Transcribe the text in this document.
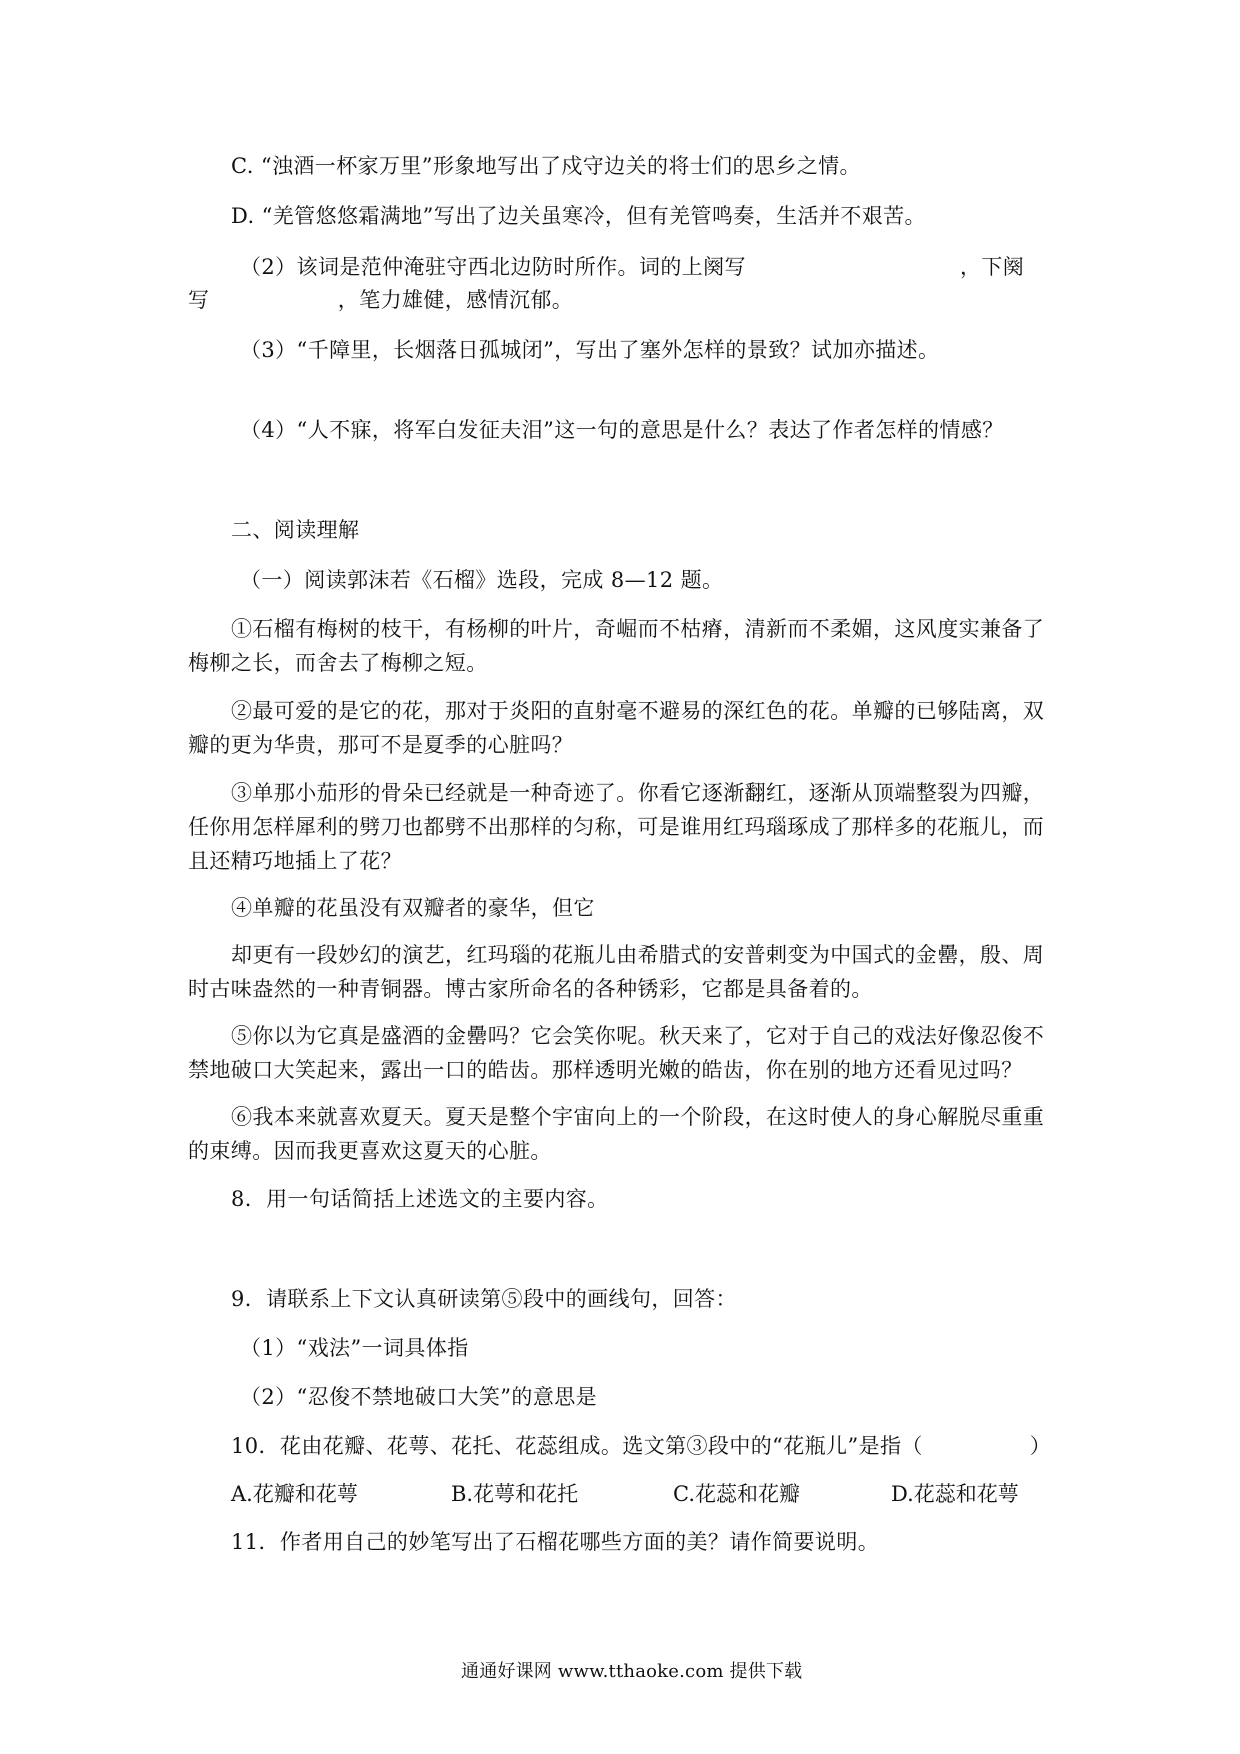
C. “浊酒一杯家万里”形象地写出了戍守边关的将士们的思乡之情。
D. “羌管悠悠霜满地”写出了边关虽寒冷，但有羌管鸣奏，生活并不艰苦。
（2）该词是范仲淹驻守西北边防时所作。词的上阕写　　　　　　　　　　，下阕
写　　　　　　，笔力雄健，感情沉郁。
（3）“千障里，长烟落日孤城闭”，写出了塞外怎样的景致？试加亦描述。
（4）“人不寐，将军白发征夫泪”这一句的意思是什么？表达了作者怎样的情感？
二、阅读理解
（一）阅读郭沫若《石榴》选段，完成 8—12 题。
①石榴有梅树的枝干，有杨柳的叶片，奇崛而不枯瘠，清新而不柔媚，这风度实兼备了
梅柳之长，而舍去了梅柳之短。
②最可爱的是它的花，那对于炎阳的直射毫不避易的深红色的花。单瓣的已够陆离，双
瓣的更为华贵，那可不是夏季的心脏吗？
③单那小茄形的骨朵已经就是一种奇迹了。你看它逐渐翻红，逐渐从顶端整裂为四瓣，
任你用怎样犀利的劈刀也都劈不出那样的匀称，可是谁用红玛瑙琢成了那样多的花瓶儿，而
且还精巧地插上了花？
④单瓣的花虽没有双瓣者的豪华，但它
却更有一段妙幻的演艺，红玛瑙的花瓶儿由希腊式的安普剌变为中国式的金罍，殷、周
时古味盎然的一种青铜器。博古家所命名的各种锈彩，它都是具备着的。
⑤你以为它真是盛酒的金罍吗？它会笑你呢。秋天来了，它对于自己的戏法好像忍俊不
禁地破口大笑起来，露出一口的皓齿。那样透明光嫩的皓齿，你在别的地方还看见过吗？
⑥我本来就喜欢夏天。夏天是整个宇宙向上的一个阶段，在这时使人的身心解脱尽重重
的束缚。因而我更喜欢这夏天的心脏。
8．用一句话简括上述选文的主要内容。
9．请联系上下文认真研读第⑤段中的画线句，回答：
（1）“戏法”一词具体指
（2）“忍俊不禁地破口大笑”的意思是
10．花由花瓣、花萼、花托、花蕊组成。选文第③段中的“花瓶儿”是指（　　　　　）
A.花瓣和花萼	B.花萼和花托	C.花蕊和花瓣	D.花蕊和花萼
11．作者用自己的妙笔写出了石榴花哪些方面的美？请作简要说明。
通通好课网 www.tthaoke.com 提供下载
